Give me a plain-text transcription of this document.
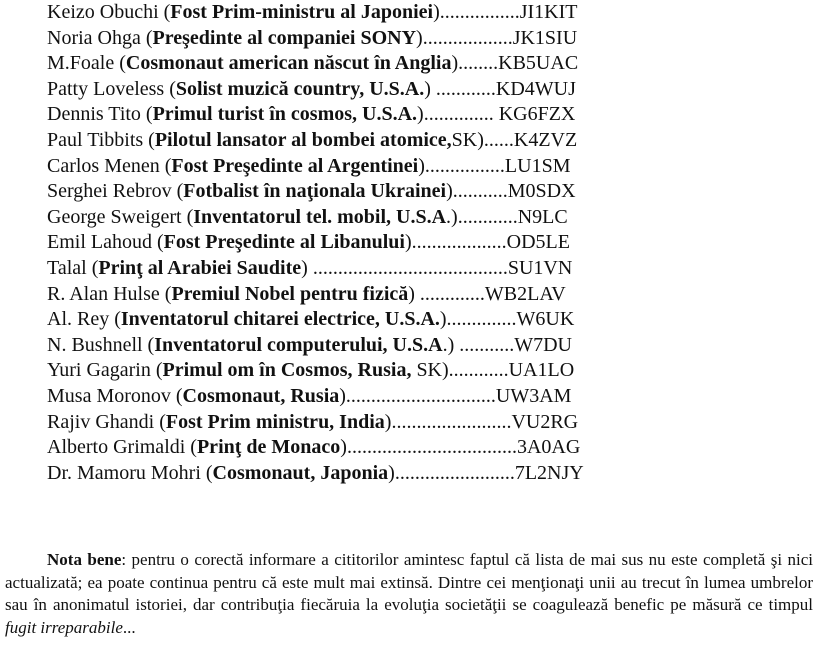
Keizo Obuchi (Fost Prim-ministru al Japoniei)................JI1KIT
Noria Ohga (Preşedinte al companiei SONY)..................JK1SIU
M.Foale (Cosmonaut american născut în Anglia)........KB5UAC
Patty Loveless (Solist muzică country, U.S.A.) ............KD4WUJ
Dennis Tito (Primul turist în cosmos, U.S.A.).............. KG6FZX
Paul Tibbits (Pilotul lansator al bombei atomice,SK)......K4ZVZ
Carlos Menen (Fost Preşedinte al Argentinei)................LU1SM
Serghei Rebrov (Fotbalist în naţionala Ukrainei)...........M0SDX
George Sweigert (Inventatorul tel. mobil, U.S.A.)............N9LC
Emil Lahoud (Fost Preşedinte al Libanului)...................OD5LE
Talal (Prinţ al Arabiei Saudite) .......................................SU1VN
R. Alan Hulse (Premiul Nobel pentru fizică) .............WB2LAV
Al. Rey (Inventatorul chitarei electrice, U.S.A.)..............W6UK
N. Bushnell (Inventatorul computerului, U.S.A.) ...........W7DU
Yuri Gagarin (Primul om în Cosmos, Rusia, SK)............UA1LO
Musa Moronov (Cosmonaut, Rusia)..............................UW3AM
Rajiv Ghandi (Fost Prim ministru, India)........................VU2RG
Alberto Grimaldi (Prinţ de Monaco)..................................3A0AG
Dr. Mamoru Mohri (Cosmonaut, Japonia)........................7L2NJY

Nota bene: pentru o corectă informare a cititorilor amintesc faptul că lista de mai sus nu este completă şi nici actualizată; ea poate continua pentru că este mult mai extinsă. Dintre cei menţionaţi unii au trecut în lumea umbrelor sau în anonimatul istoriei, dar contribuţia fiecăruia la evoluţia societăţii se coagulează benefic pe măsură ce timpul fugit irreparabile...
